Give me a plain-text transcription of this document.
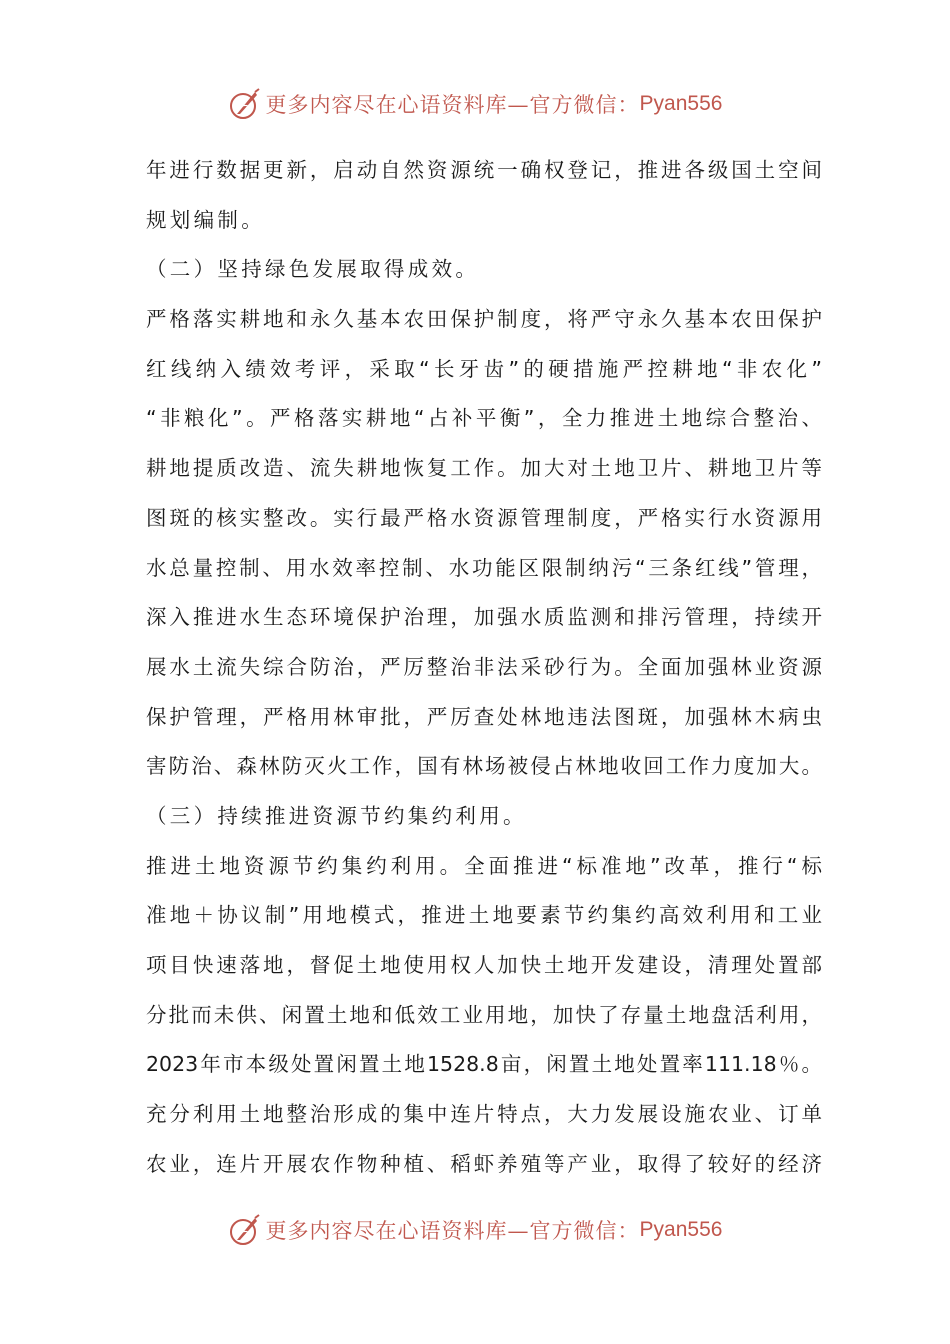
更多内容尽在心语资料库—官方微信： Pyan556
年进行数据更新，启动自然资源统一确权登记，推进各级国土空间
规划编制。
（二）坚持绿色发展取得成效。
严格落实耕地和永久基本农田保护制度，将严守永久基本农田保护
红线纳入绩效考评，采取“长牙齿”的硬措施严控耕地“非农化”
“非粮化”。严格落实耕地“占补平衡”，全力推进土地综合整治、
耕地提质改造、流失耕地恢复工作。加大对土地卫片、耕地卫片等
图斑的核实整改。实行最严格水资源管理制度，严格实行水资源用
水总量控制、用水效率控制、水功能区限制纳污“三条红线”管理，
深入推进水生态环境保护治理，加强水质监测和排污管理，持续开
展水土流失综合防治，严厉整治非法采砂行为。全面加强林业资源
保护管理，严格用林审批，严厉查处林地违法图斑，加强林木病虫
害防治、森林防灭火工作，国有林场被侵占林地收回工作力度加大。
（三）持续推进资源节约集约利用。
推进土地资源节约集约利用。全面推进“标准地”改革，推行“标
准地＋协议制”用地模式，推进土地要素节约集约高效利用和工业
项目快速落地，督促土地使用权人加快土地开发建设，清理处置部
分批而未供、闲置土地和低效工业用地，加快了存量土地盘活利用，
2023年市本级处置闲置土地1528.8亩，闲置土地处置率111.18％。
充分利用土地整治形成的集中连片特点，大力发展设施农业、订单
农业，连片开展农作物种植、稻虾养殖等产业，取得了较好的经济
更多内容尽在心语资料库—官方微信： Pyan556
